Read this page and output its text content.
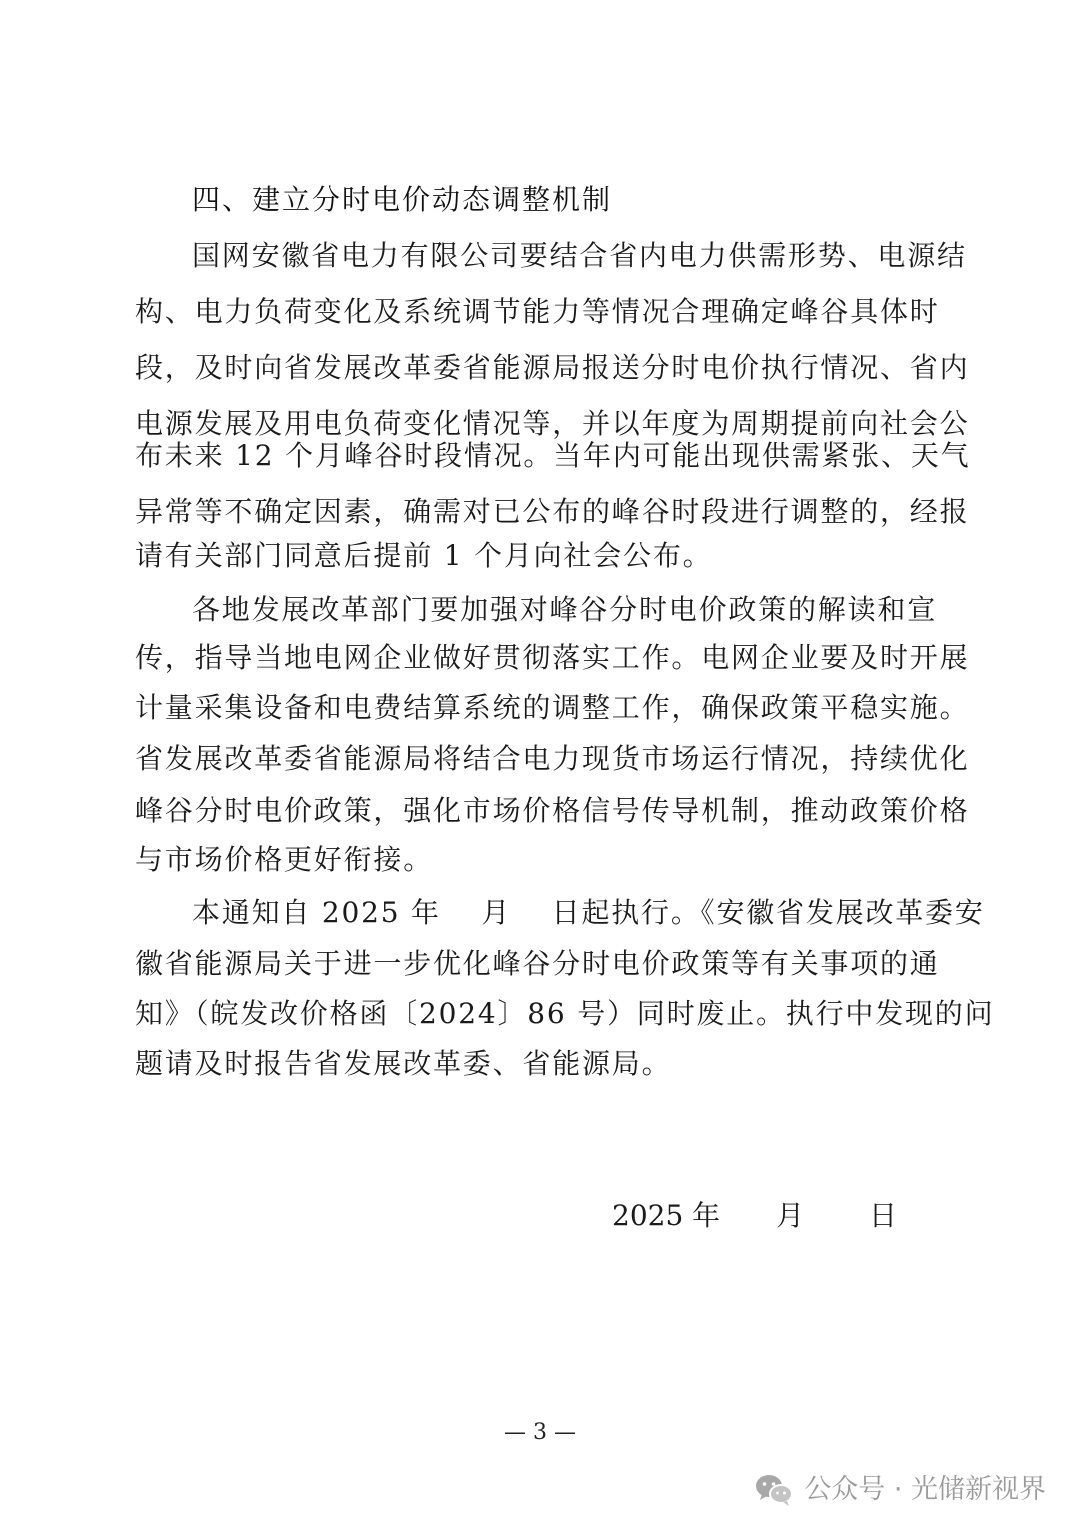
四、建立分时电价动态调整机制
国网安徽省电力有限公司要结合省内电力供需形势、电源结
构、电力负荷变化及系统调节能力等情况合理确定峰谷具体时
段，及时向省发展改革委省能源局报送分时电价执行情况、省内
电源发展及用电负荷变化情况等，并以年度为周期提前向社会公
布未来 12 个月峰谷时段情况。当年内可能出现供需紧张、天气
异常等不确定因素，确需对已公布的峰谷时段进行调整的，经报
请有关部门同意后提前 1 个月向社会公布。
各地发展改革部门要加强对峰谷分时电价政策的解读和宣
传，指导当地电网企业做好贯彻落实工作。电网企业要及时开展
计量采集设备和电费结算系统的调整工作，确保政策平稳实施。
省发展改革委省能源局将结合电力现货市场运行情况，持续优化
峰谷分时电价政策，强化市场价格信号传导机制，推动政策价格
与市场价格更好衔接。
本通知自 2025 年　 月　 日起执行。《安徽省发展改革委安
徽省能源局关于进一步优化峰谷分时电价政策等有关事项的通
知》（皖发改价格函〔2024〕86 号）同时废止。执行中发现的问
题请及时报告省发展改革委、省能源局。
2025 年　　月　　 日
— 3 —
公众号 · 光储新视界
